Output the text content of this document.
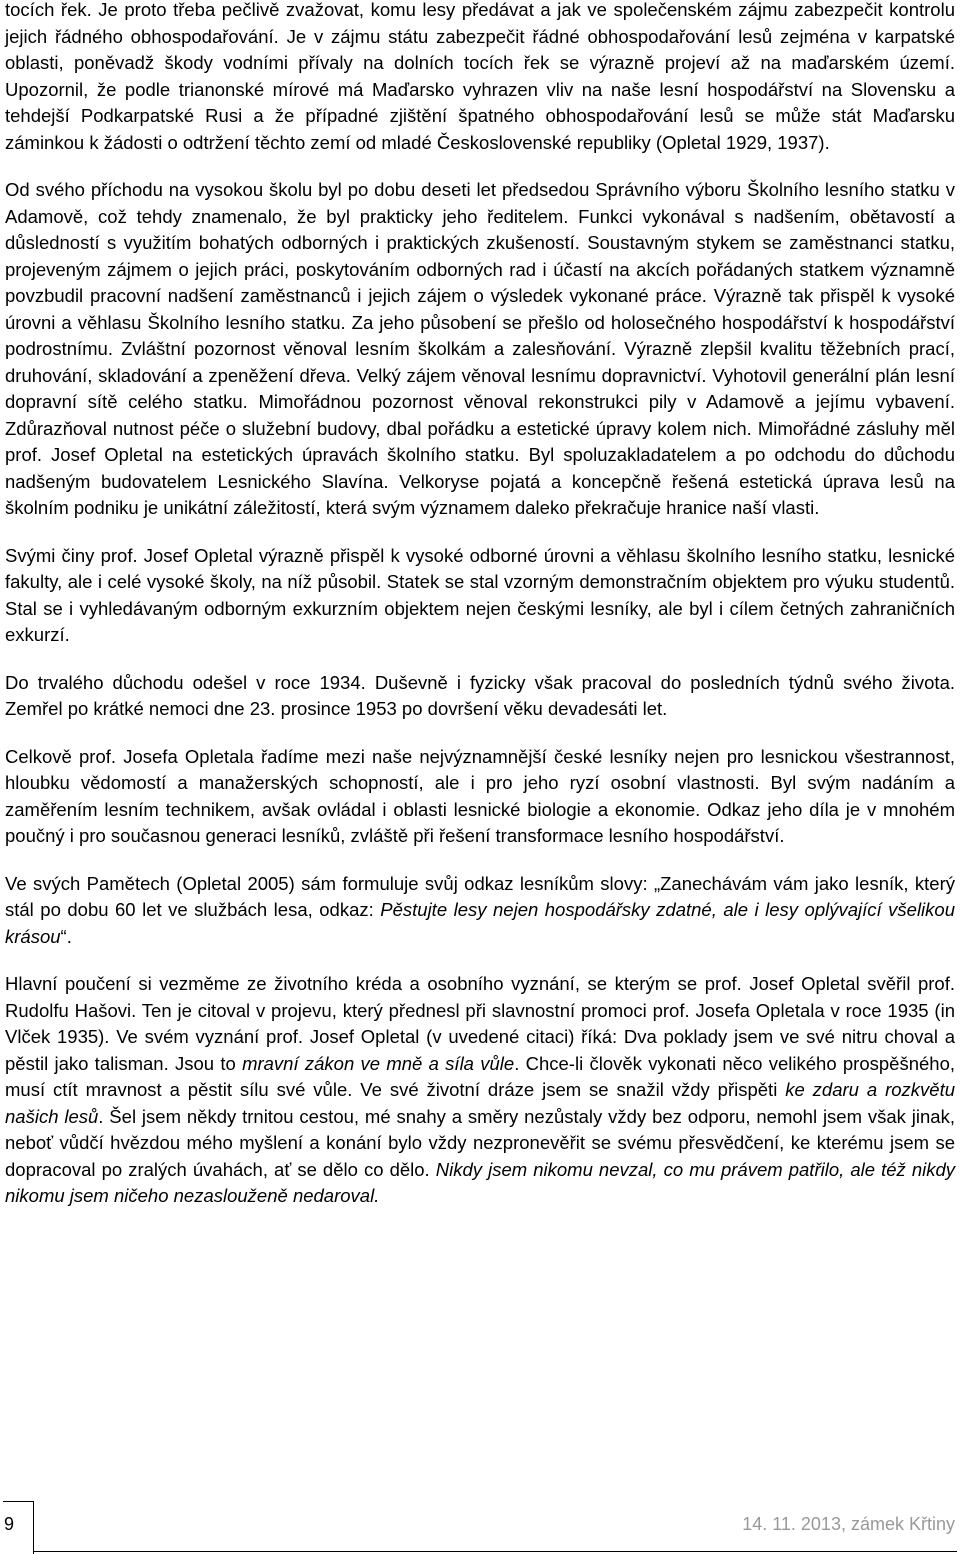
tocích řek. Je proto třeba pečlivě zvažovat, komu lesy předávat a jak ve společenském zájmu zabezpečit kontrolu jejich řádného obhospodařování. Je v zájmu státu zabezpečit řádné obhospodařování lesů zejména v karpatské oblasti, poněvadž škody vodními přívaly na dolních tocích řek se výrazně projeví až na maďarském území. Upozornil, že podle trianonské mírové má Maďarsko vyhrazen vliv na naše lesní hospodářství na Slovensku a tehdejší Podkarpatské Rusi a že případné zjištění špatného obhospodařování lesů se může stát Maďarsku záminkou k žádosti o odtržení těchto zemí od mladé Československé republiky (Opletal 1929, 1937).

Od svého příchodu na vysokou školu byl po dobu deseti let předsedou Správního výboru Školního lesního statku v Adamově, což tehdy znamenalo, že byl prakticky jeho ředitelem. Funkci vykonával s nadšením, obětavostí a důsledností s využitím bohatých odborných i praktických zkušeností. Soustavným stykem se zaměstnanci statku, projeveným zájmem o jejich práci, poskytováním odborných rad i účastí na akcích pořádaných statkem významně povzbudil pracovní nadšení zaměstnanců i jejich zájem o výsledek vykonané práce. Výrazně tak přispěl k vysoké úrovni a věhlasu Školního lesního statku. Za jeho působení se přešlo od holosečného hospodářství k hospodářství podrostnímu. Zvláštní pozornost věnoval lesním školkám a zalesňování. Výrazně zlepšil kvalitu těžebních prací, druhování, skladování a zpeněžení dřeva. Velký zájem věnoval lesnímu dopravnictví. Vyhotovil generální plán lesní dopravní sítě celého statku. Mimořádnou pozornost věnoval rekonstrukci pily v Adamově a jejímu vybavení. Zdůrazňoval nutnost péče o služební budovy, dbal pořádku a estetické úpravy kolem nich. Mimořádné zásluhy měl prof. Josef Opletal na estetických úpravách školního statku. Byl spoluzakladatelem a po odchodu do důchodu nadšeným budovatelem Lesnického Slavína. Velkoryse pojatá a koncepčně řešená estetická úprava lesů na školním podniku je unikátní záležitostí, která svým významem daleko překračuje hranice naší vlasti.

Svými činy prof. Josef Opletal výrazně přispěl k vysoké odborné úrovni a věhlasu školního lesního statku, lesnické fakulty, ale i celé vysoké školy, na níž působil. Statek se stal vzorným demonstračním objektem pro výuku studentů. Stal se i vyhledávaným odborným exkurzním objektem nejen českými lesníky, ale byl i cílem četných zahraničních exkurzí.

Do trvalého důchodu odešel v roce 1934. Duševně i fyzicky však pracoval do posledních týdnů svého života. Zemřel po krátké nemoci dne 23. prosince 1953 po dovršení věku devadesáti let.

Celkově prof. Josefa Opletala řadíme mezi naše nejvýznamnější české lesníky nejen pro lesnickou všestrannost, hloubku vědomostí a manažerských schopností, ale i pro jeho ryzí osobní vlastnosti. Byl svým nadáním a zaměřením lesním technikem, avšak ovládal i oblasti lesnické biologie a ekonomie. Odkaz jeho díla je v mnohém poučný i pro současnou generaci lesníků, zvláště při řešení transformace lesního hospodářství.

Ve svých Pamětech (Opletal 2005) sám formuluje svůj odkaz lesníkům slovy: „Zanechávám vám jako lesník, který stál po dobu 60 let ve službách lesa, odkaz: Pěstujte lesy nejen hospodářsky zdatné, ale i lesy oplývající všelikou krásou“.

Hlavní poučení si vezměme ze životního kréda a osobního vyznání, se kterým se prof. Josef Opletal svěřil prof. Rudolfu Hašovi. Ten je citoval v projevu, který přednesl při slavnostní promoci prof. Josefa Opletala v roce 1935 (in Vlček 1935). Ve svém vyznání prof. Josef Opletal (v uvedené citaci) říká: Dva poklady jsem ve své nitru choval a pěstil jako talisman. Jsou to mravní zákon ve mně a síla vůle. Chce-li člověk vykonati něco velikého prospěšného, musí ctít mravnost a pěstit sílu své vůle. Ve své životní dráze jsem se snažil vždy přispěti ke zdaru a rozkvětu našich lesů. Šel jsem někdy trnitou cestou, mé snahy a směry nezůstaly vždy bez odporu, nemohl jsem však jinak, neboť vůdčí hvězdou mého myšlení a konání bylo vždy nezpronevěřit se svému přesvědčení, ke kterému jsem se dopracoval po zralých úvahách, ať se dělo co dělo. Nikdy jsem nikomu nevzal, co mu právem patřilo, ale též nikdy nikomu jsem ničeho nezaslouženě nedaroval.

9	14. 11. 2013, zámek Křtiny
